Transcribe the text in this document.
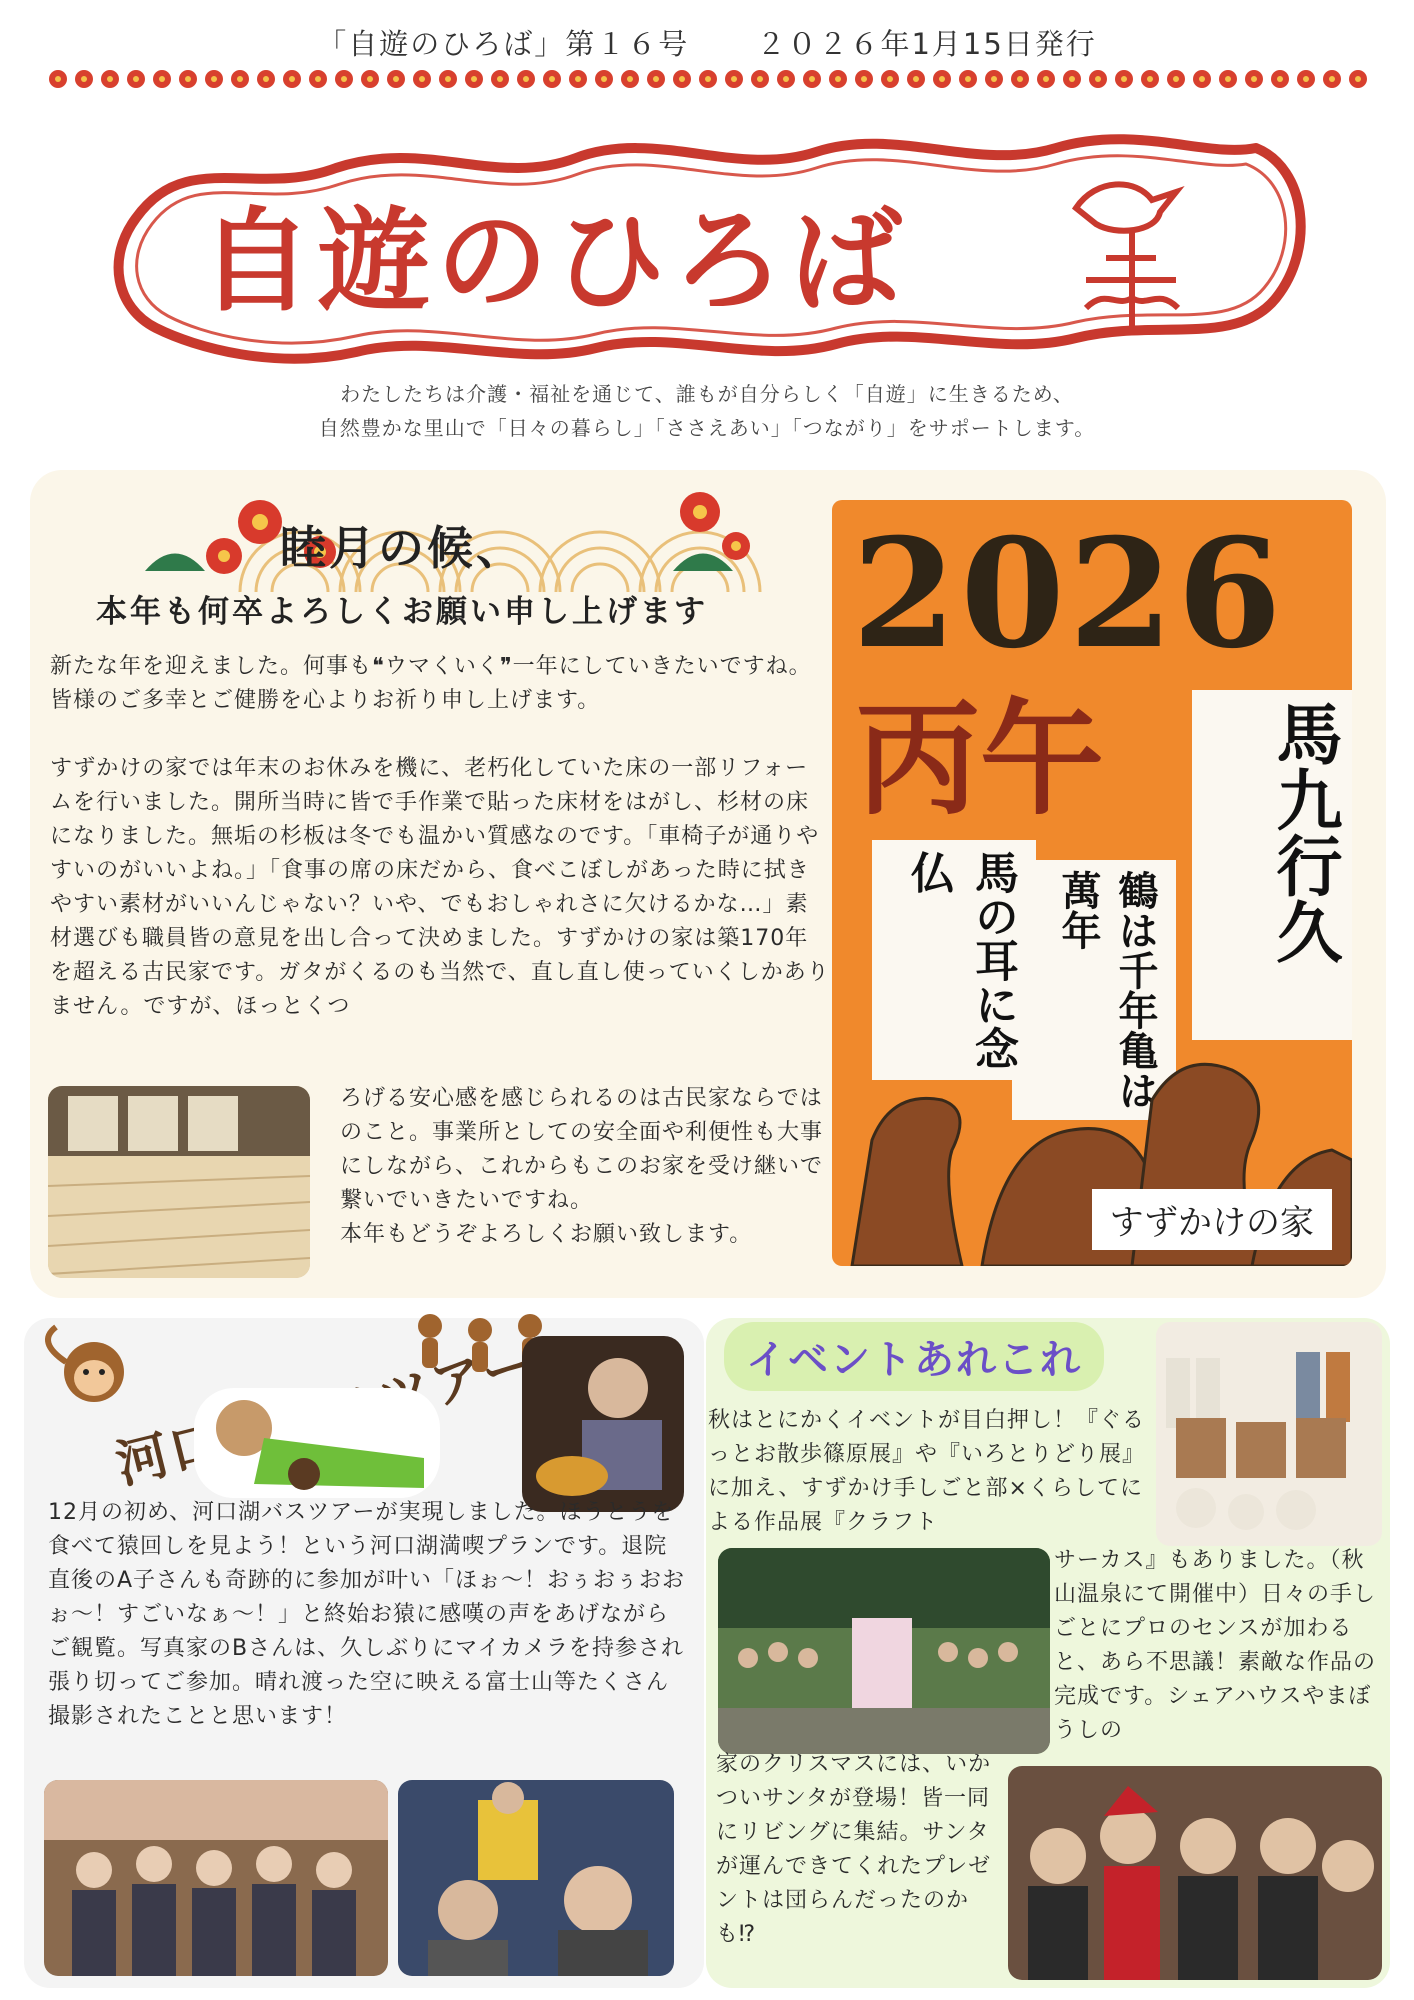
「自遊のひろば」第１６号 ２０２６年1月15日発行
自遊のひろば
わたしたちは介護・福祉を通じて、誰もが自分らしく「自遊」に生きるため、
自然豊かな里山で「日々の暮らし」「ささえあい」「つながり」をサポートします。
睦月の候、
本年も何卒よろしくお願い申し上げます
新たな年を迎えました。何事も❝ウマくいく❞一年にしていきたいですね。皆様のご多幸とご健勝を心よりお祈り申し上げます。
すずかけの家では年末のお休みを機に、老朽化していた床の一部リフォームを行いました。開所当時に皆で手作業で貼った床材をはがし、杉材の床になりました。無垢の杉板は冬でも温かい質感なのです。「車椅子が通りやすいのがいいよね。」「食事の席の床だから、食べこぼしがあった時に拭きやすい素材がいいんじゃない？いや、でもおしゃれさに欠けるかな…」素材選びも職員皆の意見を出し合って決めました。すずかけの家は築170年を超える古民家です。ガタがくるのも当然で、直し直し使っていくしかありません。ですが、ほっとくつ
ろげる安心感を感じられるのは古民家ならではのこと。事業所としての安全面や利便性も大事にしながら、これからもこのお家を受け継いで繋いでいきたいですね。
本年もどうぞよろしくお願い致します。
2026
丙午	馬九行久
鶴は千年亀は萬年
馬の耳に念仏
すずかけの家
12月の初め、河口湖バスツアーが実現しました。ほうとうを食べて猿回しを見よう！という河口湖満喫プランです。退院直後のA子さんも奇跡的に参加が叶い「ほぉ～！おぅおぅおおぉ～！すごいなぁ～！」と終始お猿に感嘆の声をあげながらご観覧。写真家のBさんは、久しぶりにマイカメラを持参され張り切ってご参加。晴れ渡った空に映える富士山等たくさん撮影されたことと思います！
イベントあれこれ
秋はとにかくイベントが目白押し！『ぐるっとお散歩篠原展』や『いろとりどり展』に加え、すずかけ手しごと部×くらしてによる作品展『クラフト
サーカス』もありました。（秋山温泉にて開催中）日々の手しごとにプロのセンスが加わると、あら不思議！素敵な作品の完成です。シェアハウスやまぼうしの
家のクリスマスには、いかついサンタが登場！皆一同にリビングに集結。サンタが運んできてくれたプレゼントは団らんだったのかも⁉
